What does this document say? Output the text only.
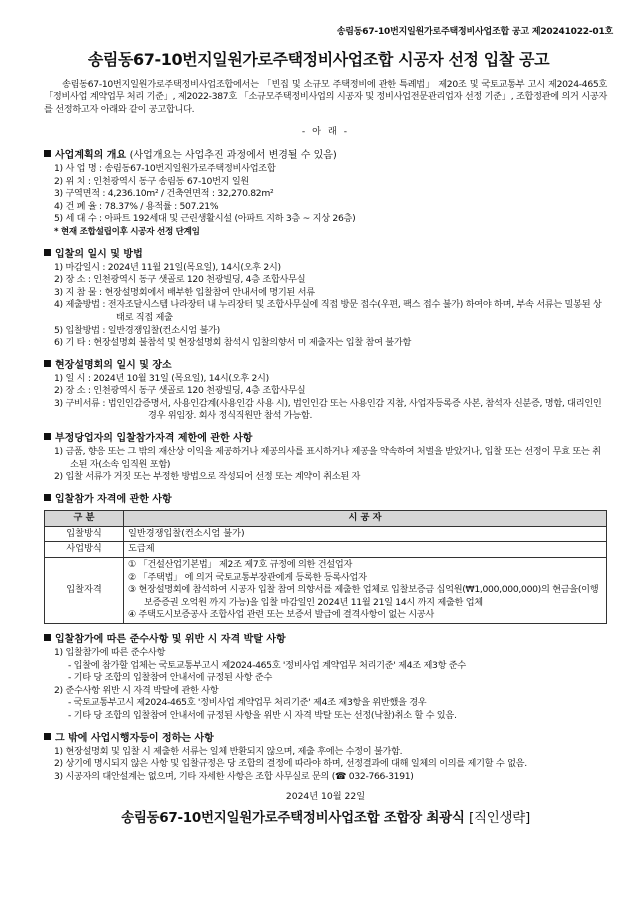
송림동67-10번지일원가로주택정비사업조합 공고 제20241022-01호
송림동67-10번지일원가로주택정비사업조합 시공자 선정 입찰 공고
송림동67-10번지일원가로주택정비사업조합에서는 「빈집 및 소규모 주택정비에 관한 특례법」 제20조 및 국토교통부 고시 제2024-465호 「정비사업 계약업무 처리 기준」, 제2022-387호 「소규모주택정비사업의 시공자 및 정비사업전문관리업자 선정 기준」, 조합정관에 의거 시공자를 선정하고자 아래와 같이 공고합니다.
- 아 래 -
사업계획의 개요 (사업개요는 사업추진 과정에서 변경될 수 있음)
1) 사 업 명 : 송림동67-10번지일원가로주택정비사업조합
2) 위 치 : 인천광역시 동구 송림동 67-10번지 일원
3) 구역면적 : 4,236.10m² / 건축연면적 : 32,270.82m²
4) 건 폐 율 : 78.37% / 용적률 : 507.21%
5) 세 대 수 : 아파트 192세대 및 근린생활시설 (아파트 지하 3층 ~ 지상 26층)
* 현재 조합설립이후 시공자 선정 단계임
입찰의 일시 및 방법
1) 마감일시 : 2024년 11월 21일(목요일), 14시(오후 2시)
2) 장 소 : 인천광역시 동구 샛골로 120 천광빌딩, 4층 조합사무실
3) 지 참 물 : 현장설명회에서 배부한 입찰참여 안내서에 명기된 서류
4) 제출방법 : 전자조달시스템 나라장터 내 누리장터 및 조합사무실에 직접 방문 접수(우편, 팩스 접수 불가) 하여야 하며, 부속 서류는 밀봉된 상태로 직접 제출
5) 입찰방법 : 일반경쟁입찰(컨소시엄 불가)
6) 기 타 : 현장설명회 불참석 및 현장설명회 참석시 입찰의향서 미 제출자는 입찰 참여 불가함
현장설명회의 일시 및 장소
1) 일 시 : 2024년 10월 31일 (목요일), 14시(오후 2시)
2) 장 소 : 인천광역시 동구 샛골로 120 천광빌딩, 4층 조합사무실
3) 구비서류 : 법인인감증명서, 사용인감계(사용인감 사용 시), 법인인감 또는 사용인감 지참, 사업자등록증 사본, 참석자 신분증, 명함, 대리인인 경우 위임장. 회사 정식직원만 참석 가능함.
부정당업자의 입찰참가자격 제한에 관한 사항
1) 금품, 향응 또는 그 밖의 재산상 이익을 제공하거나 제공의사를 표시하거나 제공을 약속하여 처벌을 받았거나, 입찰 또는 선정이 무효 또는 취소된 자(소속 임직원 포함)
2) 입찰 서류가 거짓 또는 부정한 방법으로 작성되어 선정 또는 계약이 취소된 자
입찰참가 자격에 관한 사항
구 분	시 공 자
입찰방식	일반경쟁입찰(컨소시엄 불가)
사업방식	도급제
입찰자격	① 「건설산업기본법」 제2조 제7호 규정에 의한 건설업자
② 「주택법」 에 의거 국토교통부장관에게 등록한 등록사업자
③ 현장설명회에 참석하여 시공자 입찰 참여 의향서를 제출한 업체로 입찰보증금 십억원(₩1,000,000,000)의 현금을(이행보증증권 오억원 까지 가능)을 입찰 마감일인 2024년 11월 21일 14시 까지 제출한 업체
④ 주택도시보증공사 조합사업 관련 또는 보증서 발급에 결격사항이 없는 시공사
입찰참가에 따른 준수사항 및 위반 시 자격 박탈 사항
1) 입찰참가에 따른 준수사항
- 입찰에 참가할 업체는 국토교통부고시 제2024-465호 '정비사업 계약업무 처리기준' 제4조 제3항 준수
- 기타 당 조합의 입찰참여 안내서에 규정된 사항 준수
2) 준수사항 위반 시 자격 박탈에 관한 사항
- 국토교통부고시 제2024-465호 '정비사업 계약업무 처리기준' 제4조 제3항을 위반했을 경우
- 기타 당 조합의 입찰참여 안내서에 규정된 사항을 위반 시 자격 박탈 또는 선정(낙찰)취소 할 수 있음.
그 밖에 사업시행자등이 정하는 사항
1) 현장설명회 및 입찰 시 제출한 서류는 일체 반환되지 않으며, 제출 후에는 수정이 불가함.
2) 상기에 명시되지 않은 사항 및 입찰규정은 당 조합의 결정에 따라야 하며, 선정결과에 대해 일체의 이의를 제기할 수 없음.
3) 시공자의 대안설계는 없으며, 기타 자세한 사항은 조합 사무실로 문의 (☎ 032-766-3191)
2024년 10월 22일
송림동67-10번지일원가로주택정비사업조합 조합장 최광식 [직인생략]
